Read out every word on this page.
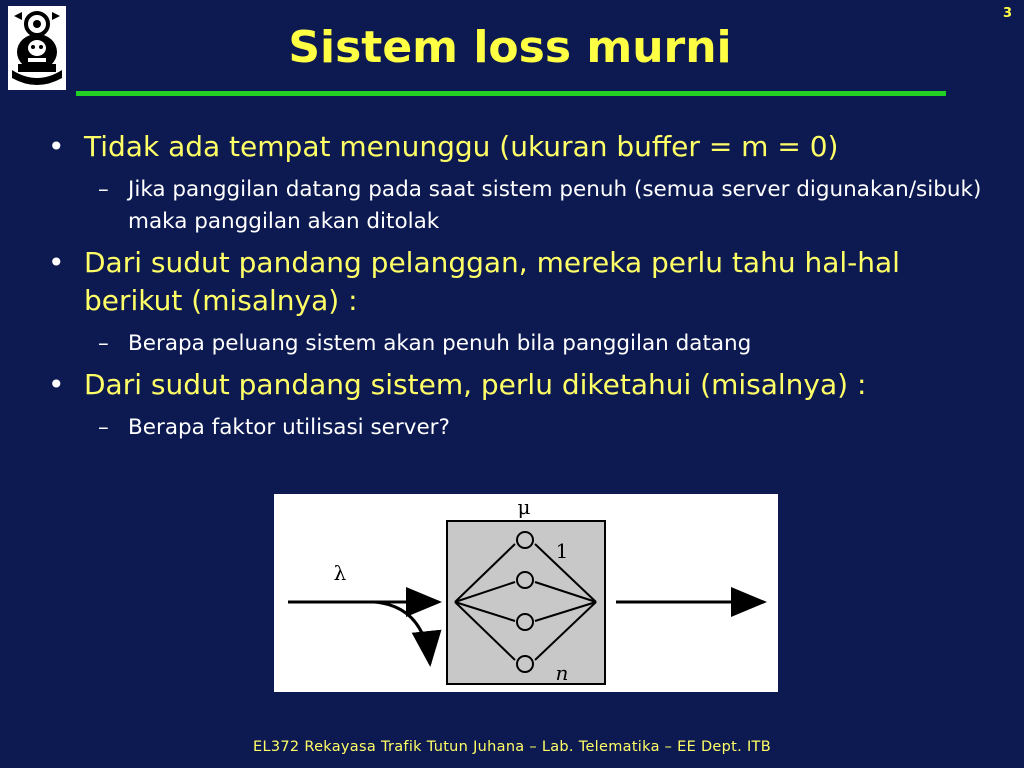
Sistem loss murni
3
• Tidak ada tempat menunggu (ukuran buffer = m = 0)
– Jika panggilan datang pada saat sistem penuh (semua server digunakan/sibuk) maka panggilan akan ditolak
• Dari sudut pandang pelanggan, mereka perlu tahu hal-hal berikut (misalnya) :
– Berapa peluang sistem akan penuh bila panggilan datang
• Dari sudut pandang sistem, perlu diketahui (misalnya) :
– Berapa faktor utilisasi server?
μ
λ
1
n
EL372 Rekayasa Trafik Tutun Juhana – Lab. Telematika – EE Dept. ITB
